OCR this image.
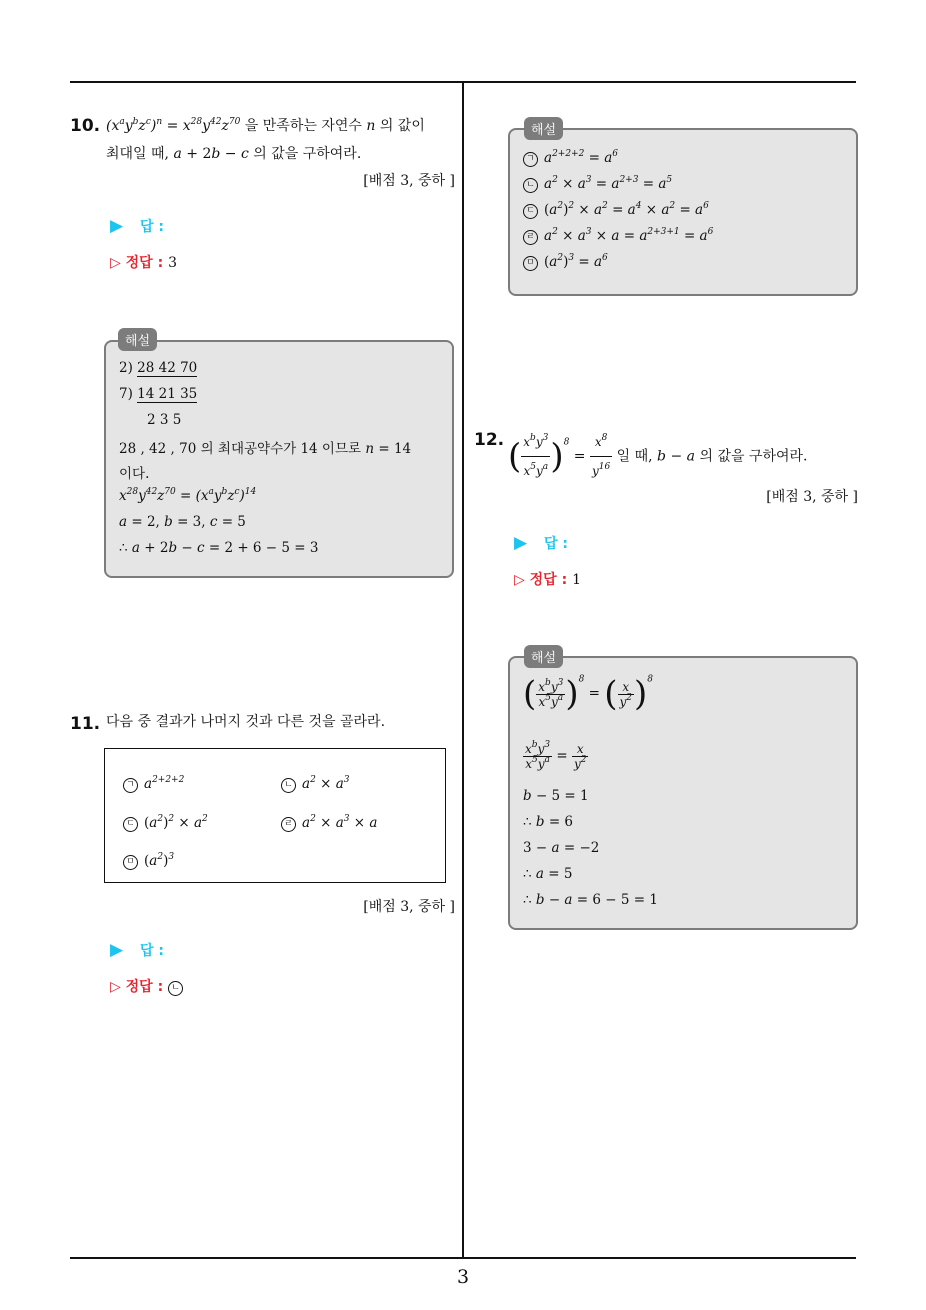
3
10. $(x^ay^bz^c)^n = x^{28}y^{42}z^{70}$ 을 만족하는 자연수 n 의 값이
최대일 때, a + 2b − c 의 값을 구하여라.
[배점 3, 중하 ]
▶ 답 :
▷ 정답 : 3
2) 28 42 70
7) 14 21 35
2 3 5
28 , 42 , 70 의 최대공약수가 14 이므로 n = 14
이다.
$x^{28}y^{42}z^{70} = (x^ay^bz^c)^{14}$
a = 2, b = 3, c = 5
∴ a + 2b − c = 2 + 6 − 5 = 3
해설
11. 다음 중 결과가 나머지 것과 다른 것을 골라라.
ㄱ $a^{2+2+2}$	ㄴ $a^2 \times a^3$
ㄷ $(a^2)^2 \times a^2$	ㄹ $a^2 \times a^3 \times a$
ㅁ $(a^2)^3$
[배점 3, 중하 ]
▶ 답 :
▷ 정답 : ㄴ
ㄱ $a^{2+2+2} = a^6$
ㄴ $a^2 \times a^3 = a^{2+3} = a^5$
ㄷ $(a^2)^2 \times a^2 = a^4 \times a^2 = a^6$
ㄹ $a^2 \times a^3 \times a = a^{2+3+1} = a^6$
ㅁ $(a^2)^3 = a^6$
해설
12. ( $\frac{x^by^3}{x^5y^a} )^8 = \frac{x^8}{y^{16}}$ 일 때, b − a 의 값을 구하여라.
[배점 3, 중하 ]
▶ 답 :
▷ 정답 : 1
( $\frac{x^by^3}{x^5y^a} )^8$ = ( $\frac{x}{y^2} )^8$
$\frac{x^by^3}{x^5y^a} = \frac{x}{y^2}$
b − 5 = 1
∴ b = 6
3 − a = −2
∴ a = 5
∴ b − a = 6 − 5 = 1
해설
